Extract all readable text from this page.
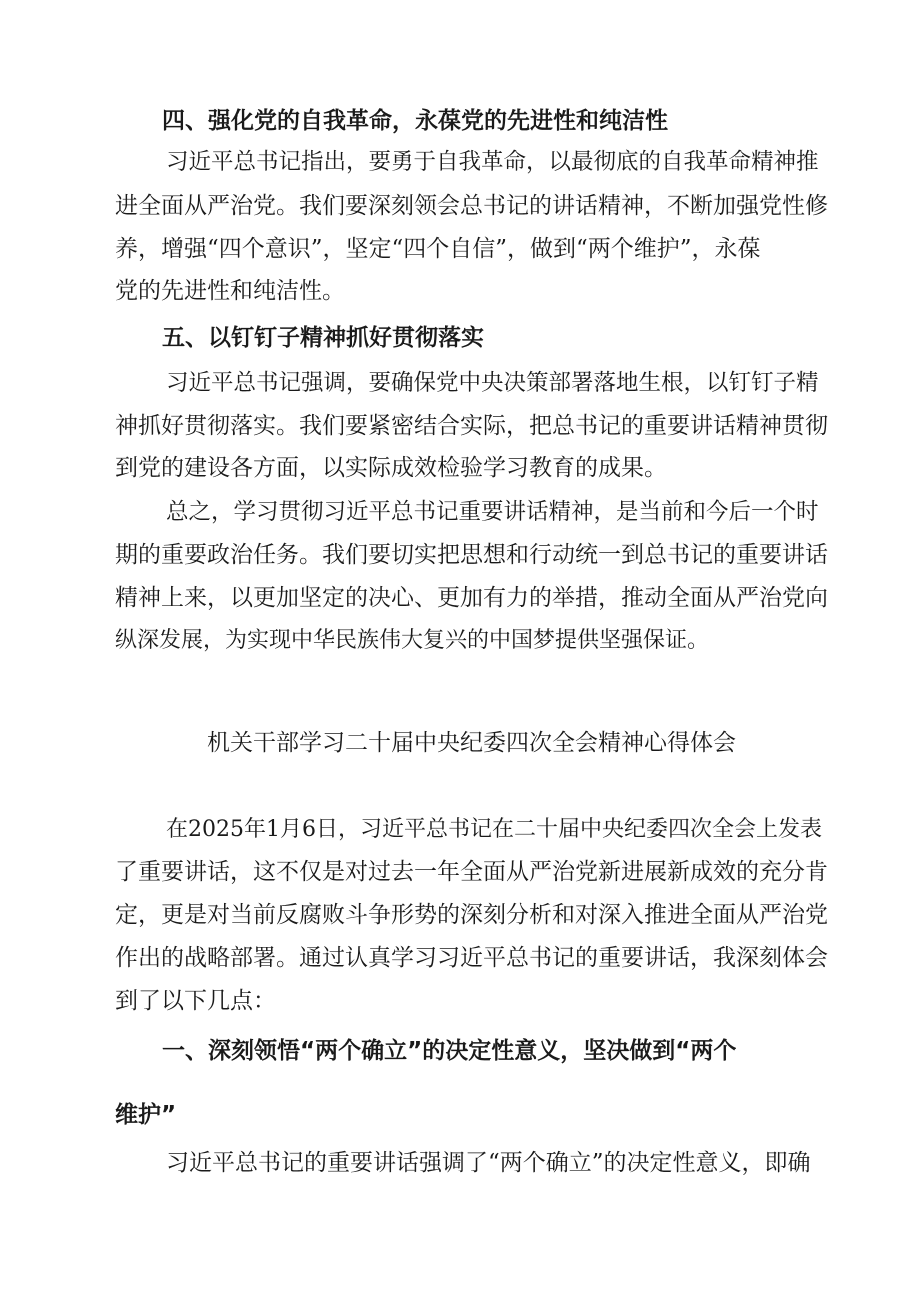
四、强化党的自我革命，永葆党的先进性和纯洁性
习近平总书记指出，要勇于自我革命，以最彻底的自我革命精神推
进全面从严治党。我们要深刻领会总书记的讲话精神，不断加强党性修
养，增强“四个意识”，坚定“四个自信”，做到“两个维护”，永葆
党的先进性和纯洁性。
五、以钉钉子精神抓好贯彻落实
习近平总书记强调，要确保党中央决策部署落地生根，以钉钉子精
神抓好贯彻落实。我们要紧密结合实际，把总书记的重要讲话精神贯彻
到党的建设各方面，以实际成效检验学习教育的成果。
总之，学习贯彻习近平总书记重要讲话精神，是当前和今后一个时
期的重要政治任务。我们要切实把思想和行动统一到总书记的重要讲话
精神上来，以更加坚定的决心、更加有力的举措，推动全面从严治党向
纵深发展，为实现中华民族伟大复兴的中国梦提供坚强保证。
机关干部学习二十届中央纪委四次全会精神心得体会
在2025年1月6日，习近平总书记在二十届中央纪委四次全会上发表
了重要讲话，这不仅是对过去一年全面从严治党新进展新成效的充分肯
定，更是对当前反腐败斗争形势的深刻分析和对深入推进全面从严治党
作出的战略部署。通过认真学习习近平总书记的重要讲话，我深刻体会
到了以下几点：
一、深刻领悟“两个确立”的决定性意义，坚决做到“两个
维护”
习近平总书记的重要讲话强调了“两个确立”的决定性意义，即确
